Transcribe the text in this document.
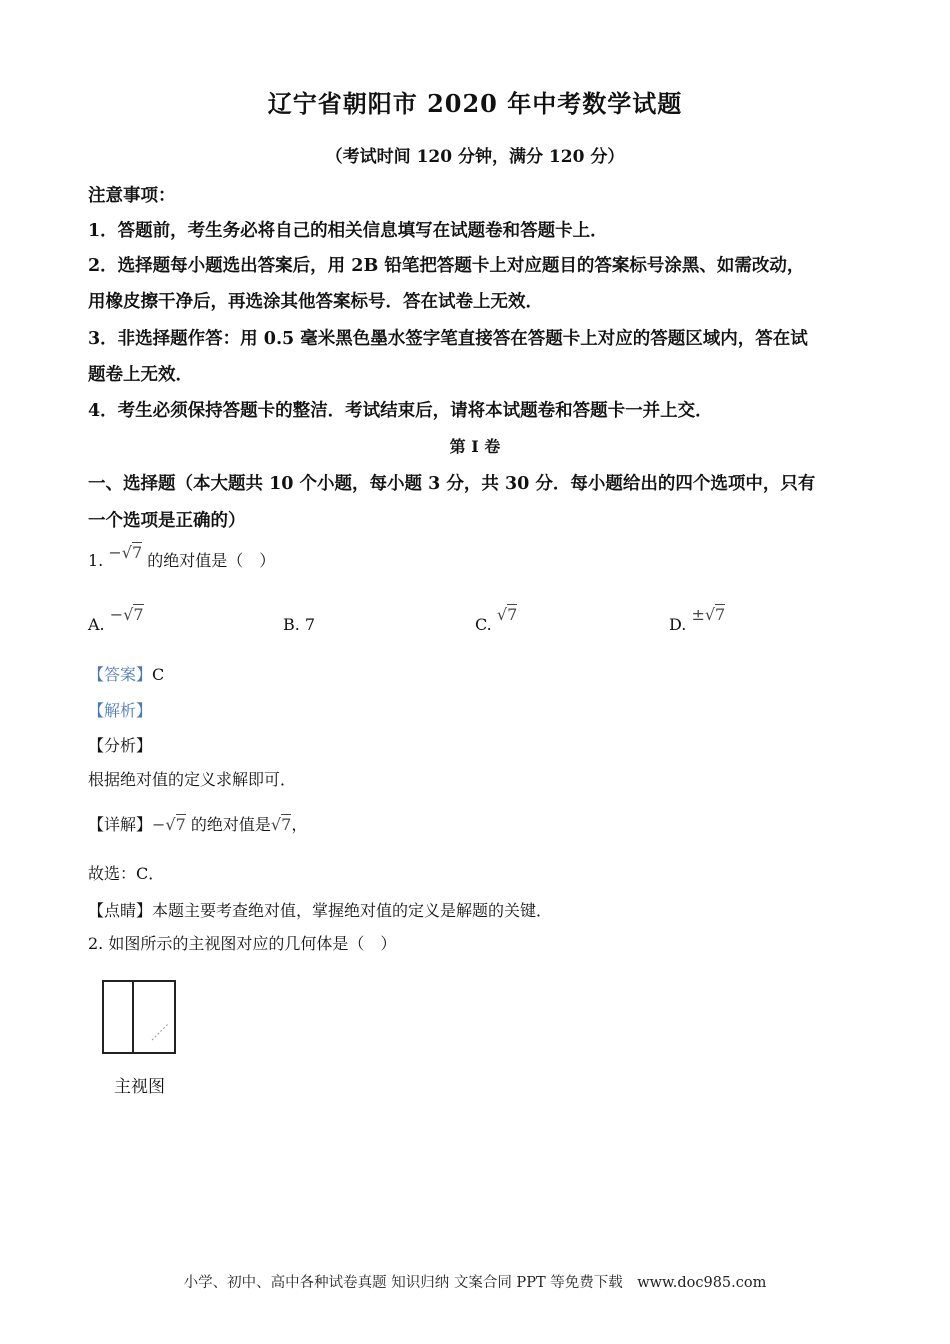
辽宁省朝阳市 2020 年中考数学试题
（考试时间 120 分钟，满分 120 分）
注意事项：
1．答题前，考生务必将自己的相关信息填写在试题卷和答题卡上．
2．选择题每小题选出答案后，用 2B 铅笔把答题卡上对应题目的答案标号涂黑、如需改动，
用橡皮擦干净后，再选涂其他答案标号．答在试卷上无效．
3．非选择题作答：用 0.5 毫米黑色墨水签字笔直接答在答题卡上对应的答题区域内，答在试
题卷上无效．
4．考生必须保持答题卡的整洁．考试结束后，请将本试题卷和答题卡一并上交．
第 I 卷
一、选择题（本大题共 10 个小题，每小题 3 分，共 30 分．每小题给出的四个选项中，只有
一个选项是正确的）
1. −√7 的绝对值是（　）
A. −√7
B. 7	C. √7
D. ±√7
【答案】C
【解析】
【分析】
根据绝对值的定义求解即可．
【详解】−√7 的绝对值是√7，
故选：C．
【点睛】本题主要考查绝对值，掌握绝对值的定义是解题的关键．
2. 如图所示的主视图对应的几何体是（　）
主视图
小学、初中、高中各种试卷真题 知识归纳 文案合同 PPT 等免费下载　www.doc985.com
